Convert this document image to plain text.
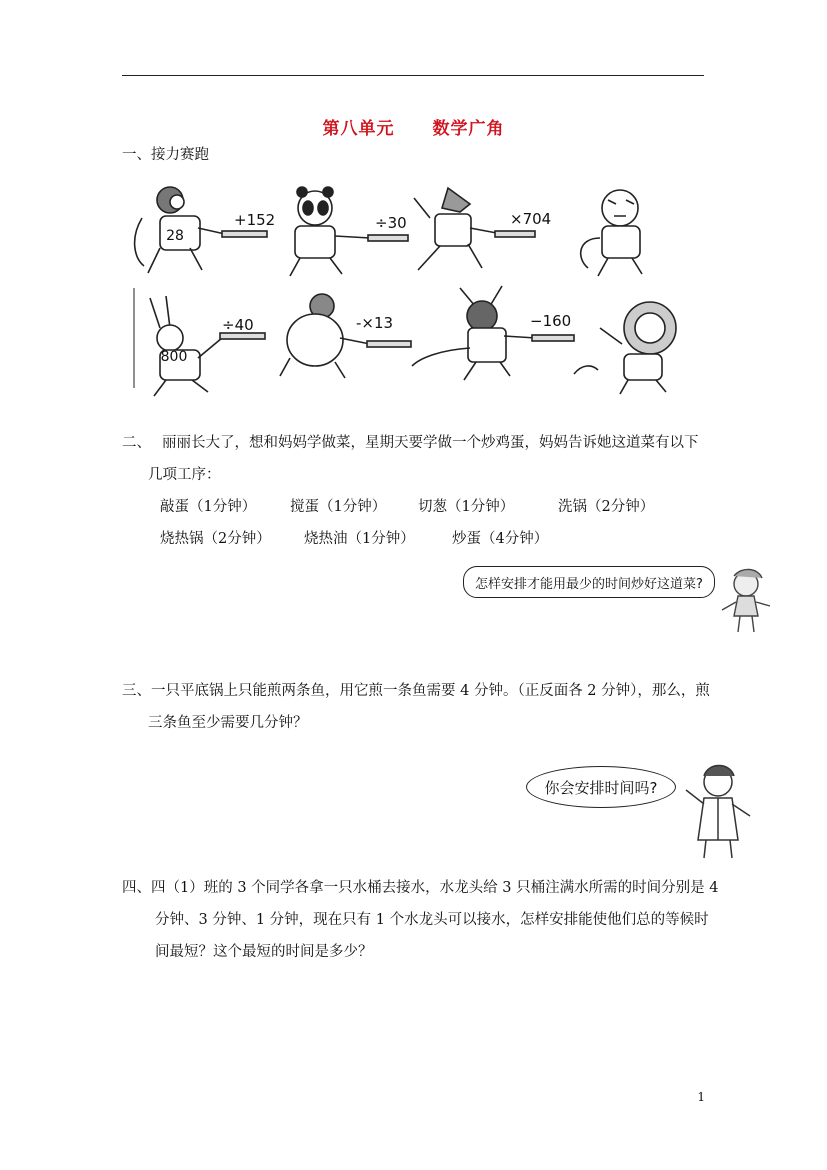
第八单元 数学广角
一、接力赛跑
28
+152	÷30	×704
800
÷40	-×13	−160
二、 丽丽长大了，想和妈妈学做菜，星期天要学做一个炒鸡蛋，妈妈告诉她这道菜有以下
几项工序：
敲蛋（1分钟） 搅蛋（1分钟） 切葱（1分钟）	洗锅（2分钟）
烧热锅（2分钟） 烧热油（1分钟）	炒蛋（4分钟）
怎样安排才能用最少的时间炒好这道菜?
三、一只平底锅上只能煎两条鱼，用它煎一条鱼需要 4 分钟。（正反面各 2 分钟），那么，煎
三条鱼至少需要几分钟？
你会安排时间吗?
四、四（1）班的 3 个同学各拿一只水桶去接水，水龙头给 3 只桶注满水所需的时间分别是 4
分钟、3 分钟、1 分钟，现在只有 1 个水龙头可以接水，怎样安排能使他们总的等候时
间最短？这个最短的时间是多少？
1
